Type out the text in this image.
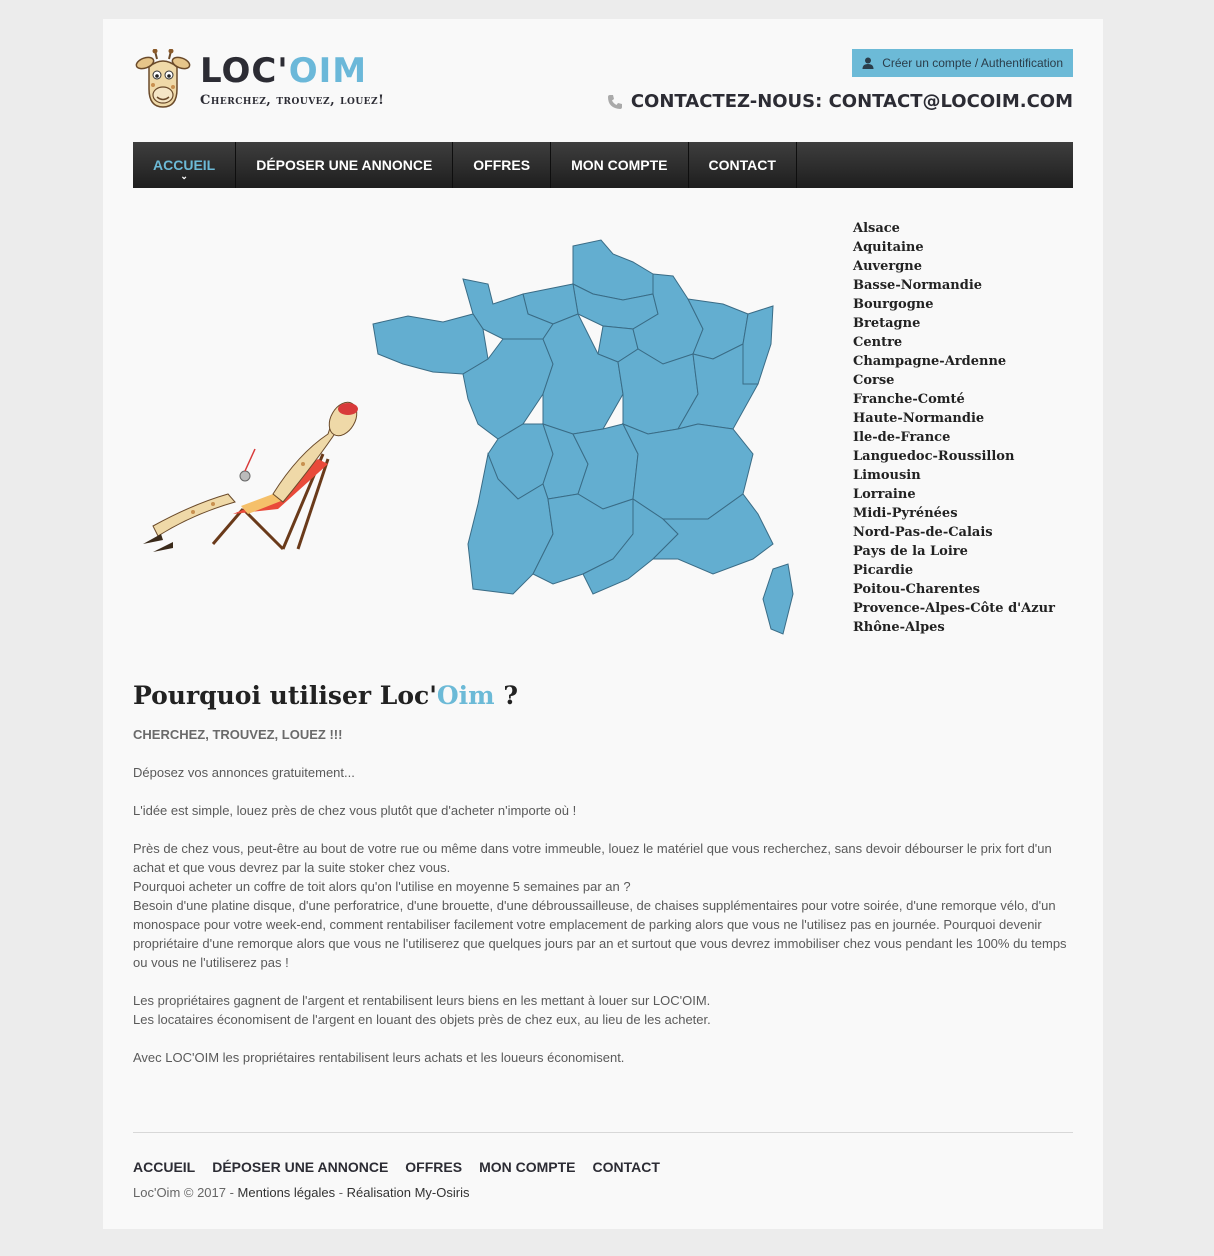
LOC'OIM
Cherchez, trouvez, louez!
Créer un compte / Authentification
CONTACTEZ-NOUS: CONTACT@LOCOIM.COM
ACCUEIL
⌄
DÉPOSER UNE ANNONCE	OFFRES	MON COMPTE	CONTACT
Alsace
Aquitaine
Auvergne
Basse-Normandie
Bourgogne
Bretagne
Centre
Champagne-Ardenne
Corse
Franche-Comté
Haute-Normandie
Ile-de-France
Languedoc-Roussillon
Limousin
Lorraine
Midi-Pyrénées
Nord-Pas-de-Calais
Pays de la Loire
Picardie
Poitou-Charentes
Provence-Alpes-Côte d'Azur
Rhône-Alpes
Pourquoi utiliser Loc'Oim ?

CHERCHEZ, TROUVEZ, LOUEZ !!!

Déposez vos annonces gratuitement...

L'idée est simple, louez près de chez vous plutôt que d'acheter n'importe où !

Près de chez vous, peut-être au bout de votre rue ou même dans votre immeuble, louez le matériel que vous recherchez, sans devoir débourser le prix fort d'un achat et que vous devrez par la suite stoker chez vous.

Pourquoi acheter un coffre de toit alors qu'on l'utilise en moyenne 5 semaines par an ?

Besoin d'une platine disque, d'une perforatrice, d'une brouette, d'une débroussailleuse, de chaises supplémentaires pour votre soirée, d'une remorque vélo, d'un monospace pour votre week-end, comment rentabiliser facilement votre emplacement de parking alors que vous ne l'utilisez pas en journée. Pourquoi devenir propriétaire d'une remorque alors que vous ne l'utiliserez que quelques jours par an et surtout que vous devrez immobiliser chez vous pendant les 100% du temps ou vous ne l'utiliserez pas !

Les propriétaires gagnent de l'argent et rentabilisent leurs biens en les mettant à louer sur LOC'OIM.

Les locataires économisent de l'argent en louant des objets près de chez eux, au lieu de les acheter.

Avec LOC'OIM les propriétaires rentabilisent leurs achats et les loueurs économisent.

ACCUEIL DÉPOSER UNE ANNONCE OFFRES MON COMPTE CONTACT
Loc'Oim © 2017 - Mentions légales - Réalisation My-Osiris
